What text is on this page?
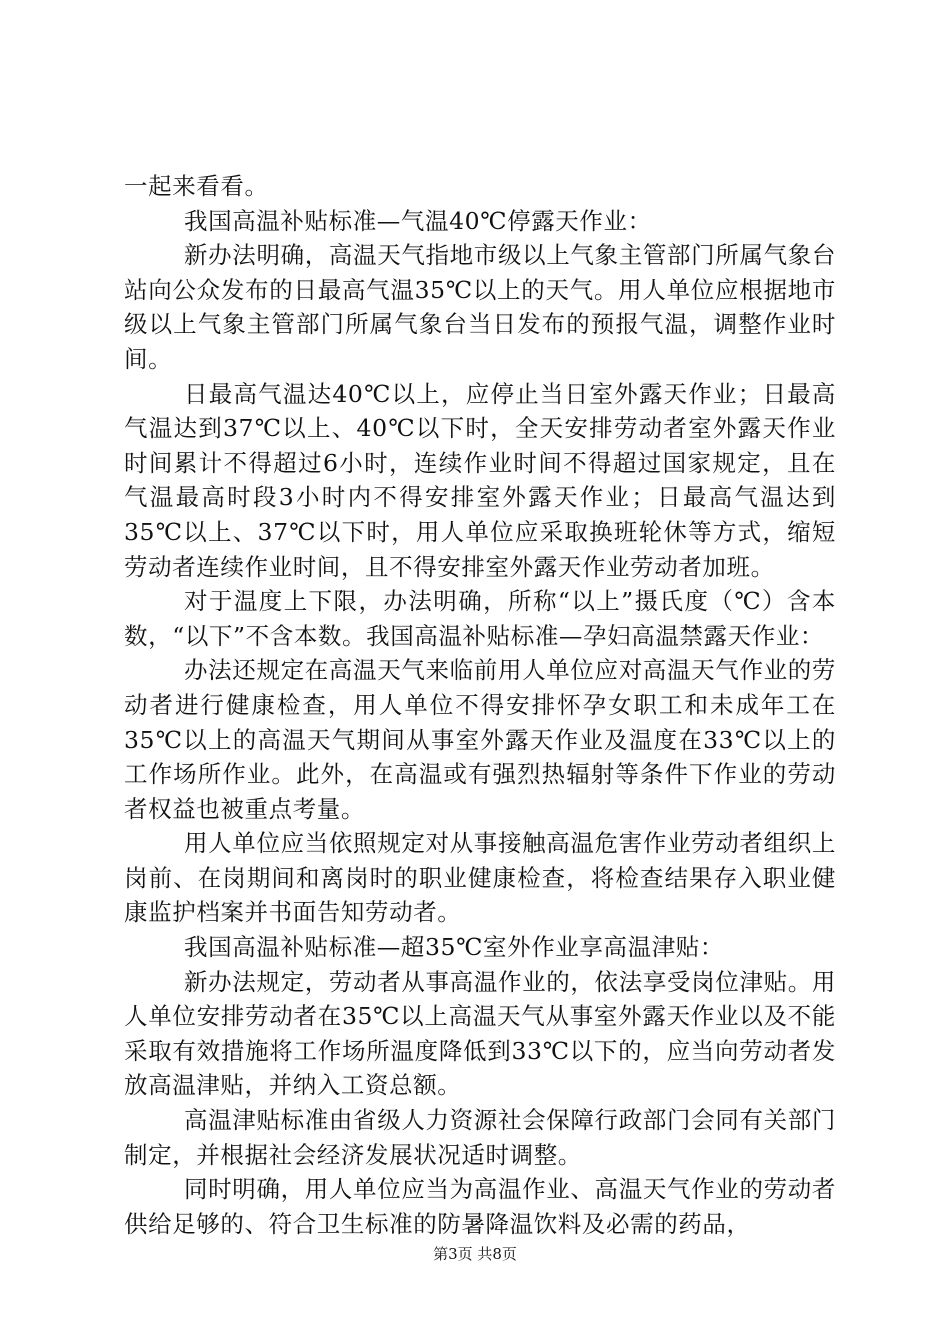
一起来看看。

我国高温补贴标准—气温40℃停露天作业：

新办法明确，高温天气指地市级以上气象主管部门所属气象台站向公众发布的日最高气温35℃以上的天气。用人单位应根据地市级以上气象主管部门所属气象台当日发布的预报气温，调整作业时间。

日最高气温达40℃以上，应停止当日室外露天作业；日最高气温达到37℃以上、40℃以下时，全天安排劳动者室外露天作业时间累计不得超过6小时，连续作业时间不得超过国家规定，且在气温最高时段3小时内不得安排室外露天作业；日最高气温达到35℃以上、37℃以下时，用人单位应采取换班轮休等方式，缩短劳动者连续作业时间，且不得安排室外露天作业劳动者加班。

对于温度上下限，办法明确，所称“以上”摄氏度（℃）含本数，“以下”不含本数。我国高温补贴标准—孕妇高温禁露天作业：

办法还规定在高温天气来临前用人单位应对高温天气作业的劳动者进行健康检查，用人单位不得安排怀孕女职工和未成年工在35℃以上的高温天气期间从事室外露天作业及温度在33℃以上的工作场所作业。此外，在高温或有强烈热辐射等条件下作业的劳动者权益也被重点考量。

用人单位应当依照规定对从事接触高温危害作业劳动者组织上岗前、在岗期间和离岗时的职业健康检查，将检查结果存入职业健康监护档案并书面告知劳动者。

我国高温补贴标准—超35℃室外作业享高温津贴：

新办法规定，劳动者从事高温作业的，依法享受岗位津贴。用人单位安排劳动者在35℃以上高温天气从事室外露天作业以及不能采取有效措施将工作场所温度降低到33℃以下的，应当向劳动者发放高温津贴，并纳入工资总额。

高温津贴标准由省级人力资源社会保障行政部门会同有关部门制定，并根据社会经济发展状况适时调整。

同时明确，用人单位应当为高温作业、高温天气作业的劳动者供给足够的、符合卫生标准的防暑降温饮料及必需的药品，

第3页 共8页
